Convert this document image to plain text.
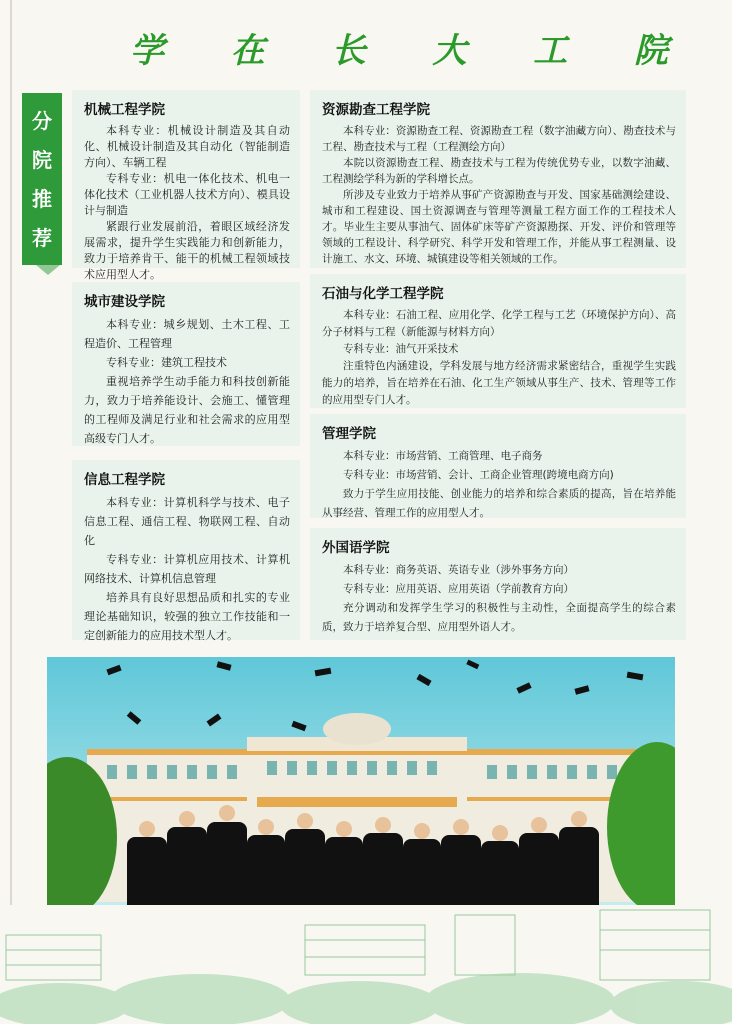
学 在 长 大 工 院
分
院
推
荐
机械工程学院

本科专业：机械设计制造及其自动化、机械设计制造及其自动化（智能制造方向）、车辆工程

专科专业：机电一体化技术、机电一体化技术（工业机器人技术方向）、模具设计与制造

紧跟行业发展前沿，着眼区域经济发展需求，提升学生实践能力和创新能力，致力于培养肯干、能干的机械工程领域技术应用型人才。

城市建设学院

本科专业：城乡规划、土木工程、工程造价、工程管理

专科专业：建筑工程技术

重视培养学生动手能力和科技创新能力，致力于培养能设计、会施工、懂管理的工程师及满足行业和社会需求的应用型高级专门人才。

信息工程学院

本科专业：计算机科学与技术、电子信息工程、通信工程、物联网工程、自动化

专科专业：计算机应用技术、计算机网络技术、计算机信息管理

培养具有良好思想品质和扎实的专业理论基础知识，较强的独立工作技能和一定创新能力的应用技术型人才。

资源勘查工程学院

本科专业：资源勘查工程、资源勘查工程（数字油藏方向）、勘查技术与工程、勘查技术与工程（工程测绘方向）

本院以资源勘查工程、勘查技术与工程为传统优势专业，以数字油藏、工程测绘学科为新的学科增长点。

所涉及专业致力于培养从事矿产资源勘查与开发、国家基础测绘建设、城市和工程建设、国土资源调查与管理等测量工程方面工作的工程技术人才。毕业生主要从事油气、固体矿床等矿产资源勘探、开发、评价和管理等领域的工程设计、科学研究、科学开发和管理工作，并能从事工程测量、设计施工、水文、环境、城镇建设等相关领域的工作。

石油与化学工程学院

本科专业：石油工程、应用化学、化学工程与工艺（环境保护方向）、高分子材料与工程（新能源与材料方向）

专科专业：油气开采技术

注重特色内涵建设，学科发展与地方经济需求紧密结合，重视学生实践能力的培养，旨在培养在石油、化工生产领域从事生产、技术、管理等工作的应用型专门人才。

管理学院

本科专业：市场营销、工商管理、电子商务

专科专业：市场营销、会计、工商企业管理(跨境电商方向)

致力于学生应用技能、创业能力的培养和综合素质的提高，旨在培养能从事经营、管理工作的应用型人才。

外国语学院

本科专业：商务英语、英语专业（涉外事务方向）

专科专业：应用英语、应用英语（学前教育方向）

充分调动和发挥学生学习的积极性与主动性，全面提高学生的综合素质，致力于培养复合型、应用型外语人才。
